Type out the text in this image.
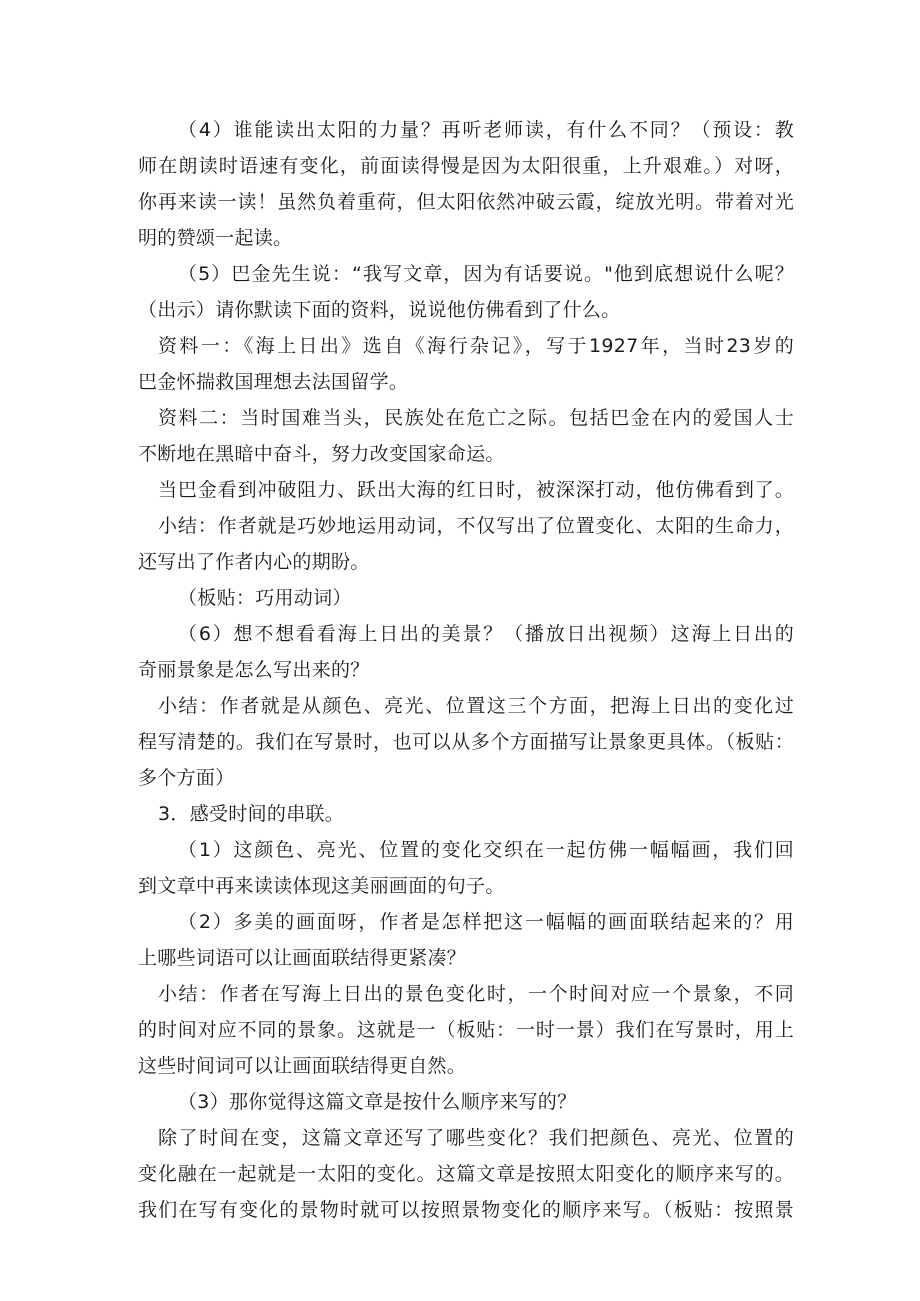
（4）谁能读出太阳的力量？再听老师读，有什么不同？（预设：教
师在朗读时语速有变化，前面读得慢是因为太阳很重，上升艰难。）对呀，
你再来读一读！虽然负着重荷，但太阳依然冲破云霞，绽放光明。带着对光
明的赞颂一起读。
（5）巴金先生说：“我写文章，因为有话要说。"他到底想说什么呢？
（出示）请你默读下面的资料，说说他仿佛看到了什么。
资料一：《海上日出》选自《海行杂记》，写于1927年，当时23岁的
巴金怀揣救国理想去法国留学。
资料二：当时国难当头，民族处在危亡之际。包括巴金在内的爱国人士
不断地在黑暗中奋斗，努力改变国家命运。
当巴金看到冲破阻力、跃出大海的红日时，被深深打动，他仿佛看到了。
小结：作者就是巧妙地运用动词，不仅写出了位置变化、太阳的生命力，
还写出了作者内心的期盼。
（板贴：巧用动词）
（6）想不想看看海上日出的美景？（播放日出视频）这海上日出的
奇丽景象是怎么写出来的？
小结：作者就是从颜色、亮光、位置这三个方面，把海上日出的变化过
程写清楚的。我们在写景时，也可以从多个方面描写让景象更具体。（板贴：
多个方面）
3．感受时间的串联。
（1）这颜色、亮光、位置的变化交织在一起仿佛一幅幅画，我们回
到文章中再来读读体现这美丽画面的句子。
（2）多美的画面呀，作者是怎样把这一幅幅的画面联结起来的？用
上哪些词语可以让画面联结得更紧凑？
小结：作者在写海上日出的景色变化时，一个时间对应一个景象，不同
的时间对应不同的景象。这就是一（板贴：一时一景）我们在写景时，用上
这些时间词可以让画面联结得更自然。
（3）那你觉得这篇文章是按什么顺序来写的？
除了时间在变，这篇文章还写了哪些变化？我们把颜色、亮光、位置的
变化融在一起就是一太阳的变化。这篇文章是按照太阳变化的顺序来写的。
我们在写有变化的景物时就可以按照景物变化的顺序来写。（板贴：按照景
